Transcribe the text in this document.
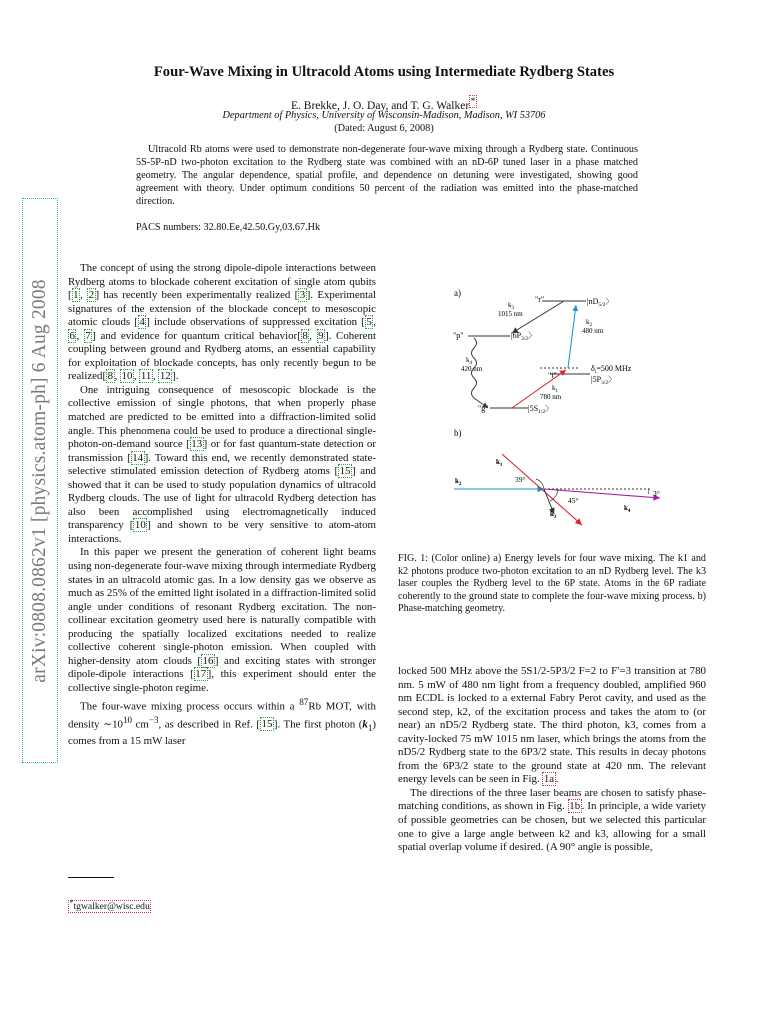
arXiv:0808.0862v1 [physics.atom-ph] 6 Aug 2008
Four-Wave Mixing in Ultracold Atoms using Intermediate Rydberg States
E. Brekke, J. O. Day, and T. G. Walker *
Department of Physics, University of Wisconsin-Madison, Madison, WI 53706
(Dated: August 6, 2008)

Ultracold Rb atoms were used to demonstrate non-degenerate four-wave mixing through a Rydberg state. Continuous 5S-5P-nD two-photon excitation to the Rydberg state was combined with an nD-6P tuned laser in a phase matched geometry. The angular dependence, spatial profile, and dependence on detuning were investigated, showing good agreement with theory. Under optimum conditions 50 percent of the radiation was emitted into the phase-matched direction.

PACS numbers: 32.80.Ee,42.50.Gy,03.67.Hk

The concept of using the strong dipole-dipole interactions between Rydberg atoms to blockade coherent excitation of single atom qubits [ 1 , 2 ] has recently been experimentally realized [ 3 ]. Experimental signatures of the extension of the blockade concept to mesoscopic atomic clouds [ 4 ] include observations of suppressed excitation [ 5 , 6 , 7 ] and evidence for quantum critical behavior[ 8 , 9 ]. Coherent coupling between ground and Rydberg atoms, an essential capability for exploitation of blockade concepts, has only recently begun to be realized[ 8 , 10 , 11 , 12 ].

One intriguing consequence of mesoscopic blockade is the collective emission of single photons, that when properly phase matched are predicted to be emitted into a diffraction-limited solid angle. This phenomena could be used to produce a directional single-photon-on-demand source [ 13 ] or for fast quantum-state detection or transmission [ 14 ]. Toward this end, we recently demonstrated state-selective stimulated emission detection of Rydberg atoms [ 15 ] and showed that it can be used to study population dynamics of ultracold Rydberg clouds. The use of light for ultracold Rydberg detection has also been accomplished using electromagnetically induced transparency [ 10 ] and shown to be very sensitive to atom-atom interactions.

In this paper we present the generation of coherent light beams using non-degenerate four-wave mixing through intermediate Rydberg states in an ultracold atomic gas. In a low density gas we observe as much as 25% of the emitted light isolated in a diffraction-limited solid angle under conditions of resonant Rydberg excitation. The non-collinear excitation geometry used here is naturally compatible with producing the spatially localized excitations needed to realize collective coherent single-photon emission. When coupled with higher-density atom clouds [ 16 ] and exciting states with stronger dipole-dipole interactions [ 17 ], this experiment should enter the collective single-photon regime.

The four-wave mixing process occurs within a $^{87}$Rb MOT, with density $\sim 10^{10}$ $cm^{-3}$, as described in Ref. [ 15 ]. The first photon $(k_1)$ comes from a 15 mW laser

*tgwalker@wisc.edu
a)
"r"	$|nD_{5/2}$〉
"p"	$|6P_{3/2}$〉
"i"	$|5P_{3/2}$〉
$\delta_i=500$ MHz
"g"	$|5S_{1/2}$〉
$k_1$
780 nm
$k_2$
480 nm
$k_3$
1015 nm
$k_4$
420 nm
b)
$k_2$
$k_1$
$k_3$
$k_4$
39°
45°
3°
FIG. 1: (Color online) a) Energy levels for four wave mixing. The k1 and k2 photons produce two-photon excitation to an nD Rydberg level. The k3 laser couples the Rydberg level to the 6P state. Atoms in the 6P radiate coherently to the ground state to complete the four-wave mixing process. b) Phase-matching geometry.

locked 500 MHz above the 5S1/2-5P3/2 F=2 to F′=3 transition at 780 nm. 5 mW of 480 nm light from a frequency doubled, amplified 960 nm ECDL is locked to a external Fabry Perot cavity, and used as the second step, k2, of the excitation process and takes the atom to (or near) an nD5/2 Rydberg state. The third photon, k3, comes from a cavity-locked 75 mW 1015 nm laser, which brings the atoms from the nD5/2 Rydberg state to the 6P3/2 state. This results in decay photons from the 6P3/2 state to the ground state at 420 nm. The relevant energy levels can be seen in Fig. 1a .

The directions of the three laser beams are chosen to satisfy phase-matching conditions, as shown in Fig. 1b . In principle, a wide variety of possible geometries can be chosen, but we selected this particular one to give a large angle between k2 and k3, allowing for a small spatial overlap volume if desired. (A 90° angle is possible,
